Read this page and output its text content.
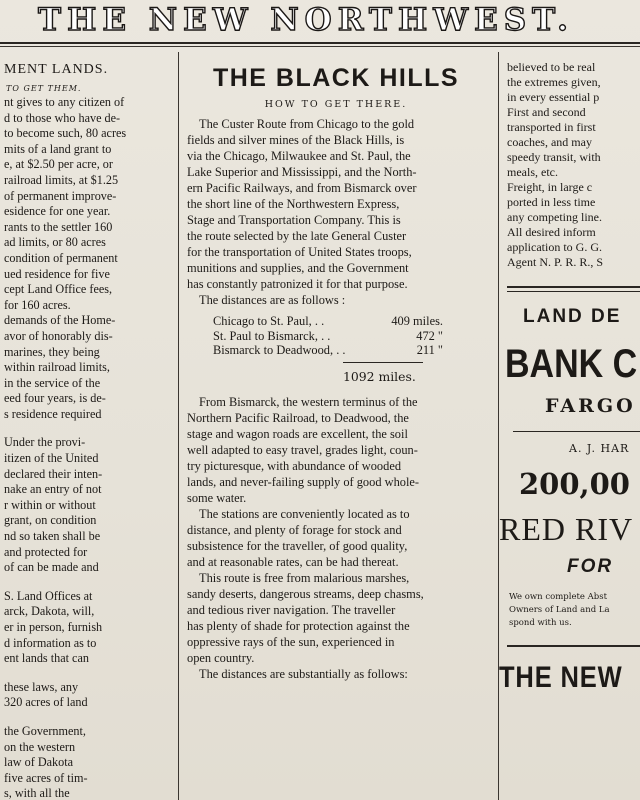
THE NEW NORTHWEST.
MENT LANDS.
TO GET THEM.
nt gives to any citizen of
d to those who have de-
to become such, 80 acres
mits of a land grant to
e, at $2.50 per acre, or
railroad limits, at $1.25
of permanent improve-
esidence for one year.
rants to the settler 160
ad limits, or 80 acres
condition of permanent
ued residence for five
cept Land Office fees,
for 160 acres.
demands of the Home-
avor of honorably dis-
marines, they being
within railroad limits,
in the service of the
eed four years, is de-
s residence required
Under the provi-
itizen of the United
declared their inten-
nake an entry of not
r within or without
grant, on condition
nd so taken shall be
and protected for
of can be made and
S. Land Offices at
arck, Dakota, will,
er in person, furnish
d information as to
ent lands that can
these laws, any
320 acres of land
the Government,
on the western
law of Dakota
five acres of tim-
s, with all the
THE BLACK HILLS
HOW TO GET THERE.
The Custer Route from Chicago to the gold
fields and silver mines of the Black Hills, is
via the Chicago, Milwaukee and St. Paul, the
Lake Superior and Mississippi, and the North-
ern Pacific Railways, and from Bismarck over
the short line of the Northwestern Express,
Stage and Transportation Company. This is
the route selected by the late General Custer
for the transportation of United States troops,
munitions and supplies, and the Government
has constantly patronized it for that purpose.
The distances are as follows :
Chicago to St. Paul, . .	409 miles.
St. Paul to Bismarck, . .	472 "
Bismarck to Deadwood, . .	211 "
1092 miles.
From Bismarck, the western terminus of the
Northern Pacific Railroad, to Deadwood, the
stage and wagon roads are excellent, the soil
well adapted to easy travel, grades light, coun-
try picturesque, with abundance of wooded
lands, and never-failing supply of good whole-
some water.
The stations are conveniently located as to
distance, and plenty of forage for stock and
subsistence for the traveller, of good quality,
and at reasonable rates, can be had thereat.
This route is free from malarious marshes,
sandy deserts, dangerous streams, deep chasms,
and tedious river navigation. The traveller
has plenty of shade for protection against the
oppressive rays of the sun, experienced in
open country.
The distances are substantially as follows:
believed to be real
the extremes given,
in every essential p
First and second
transported in first
coaches, and may
speedy transit, with
meals, etc.
Freight, in large c
ported in less time
any competing line.
All desired inform
application to G. G.
Agent N. P. R. R., S
LAND DE
BANK C
FARGO
A. J. HAR
200,00
RED RIV
FOR
We own complete Abst
Owners of Land and La
spond with us.
THE NEW
